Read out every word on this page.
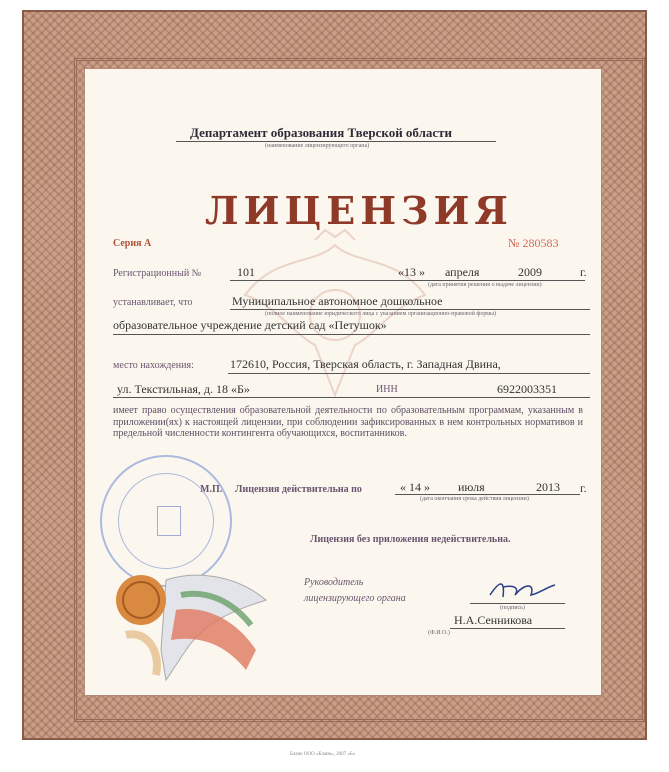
Департамент образования Тверской области
(наименование лицензирующего органа)
ЛИЦЕНЗИЯ
Серия А	№ 280583
Регистрационный №	101	«13 » апреля	2009	г.
(дата принятия решения о выдаче лицензии)
устанавливает, что	Муниципальное автономное дошкольное
(полное наименование юридического лица с указанием организационно-правовой формы)
образовательное учреждение детский сад «Петушок»
место нахождения:	172610, Россия, Тверская область, г. Западная Двина,
ул. Текстильная, д. 18 «Б»	ИНН	6922003351
имеет право осуществления образовательной деятельности по образовательным программам, указанным в приложении(ях) к настоящей лицензии, при соблюдении зафиксированных в нем контрольных нормативов и предельной численности контингента обучающихся, воспитанников.
М.П. Лицензия действительна по	« 14 » июля	2013 г.
(дата окончания срока действия лицензии)
Лицензия без приложения недействительна.
Руководитель
лицензирующего органа
(подпись)
Н.А.Сенникова
(Ф.И.О.)
Бланк ООО «Бланк», 2007 «Б»
